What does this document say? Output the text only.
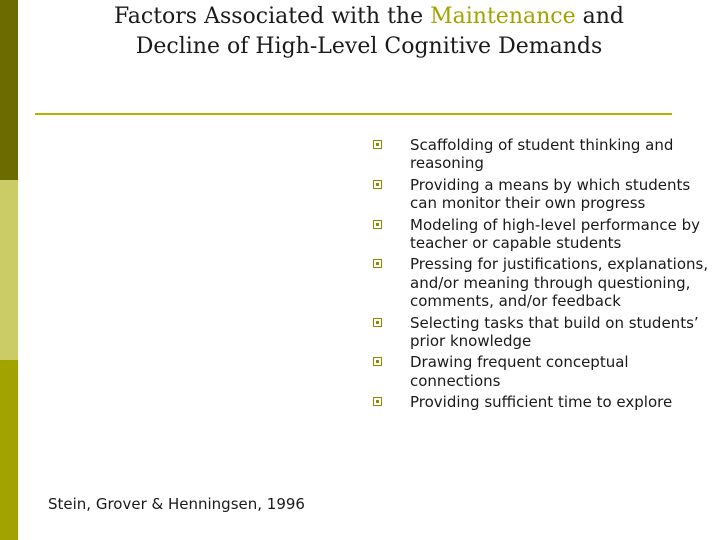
Factors Associated with the Maintenance and
Decline of High-Level Cognitive Demands
Scaffolding of student thinking and reasoning
Providing a means by which students can monitor their own progress
Modeling of high-level performance by teacher or capable students
Pressing for justifications, explanations, and/or meaning through questioning, comments, and/or feedback
Selecting tasks that build on students’ prior knowledge
Drawing frequent conceptual connections
Providing sufficient time to explore
Stein, Grover & Henningsen, 1996
